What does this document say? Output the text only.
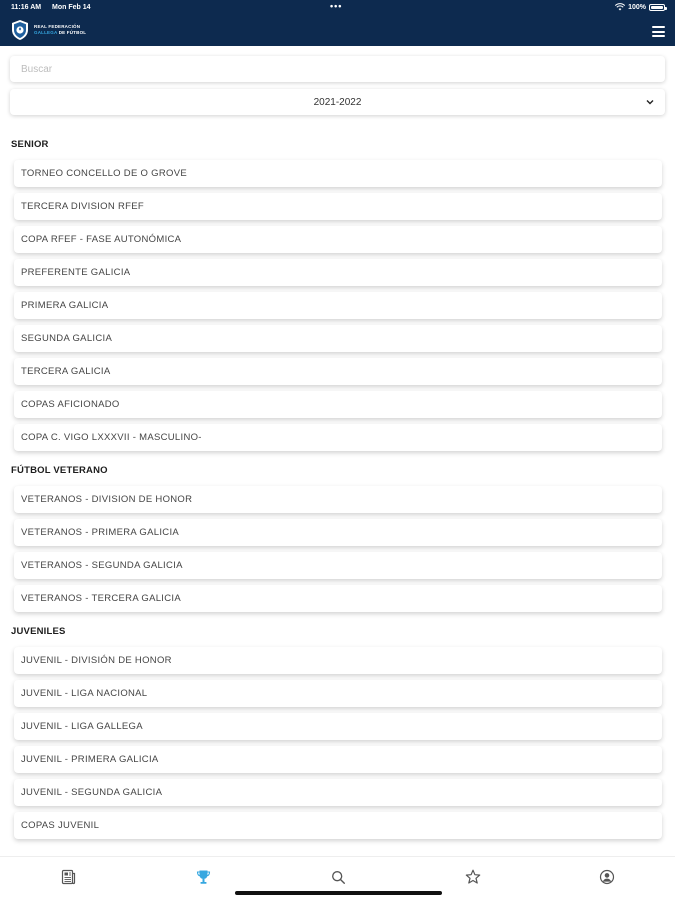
11:16 AM Mon Feb 14	•••	100%
REAL FEDERACIÓN
GALLEGA DE FÚTBOL
Buscar
2021-2022
SENIOR
TORNEO CONCELLO DE O GROVE
TERCERA DIVISION RFEF
COPA RFEF - FASE AUTONÓMICA
PREFERENTE GALICIA
PRIMERA GALICIA
SEGUNDA GALICIA
TERCERA GALICIA
COPAS AFICIONADO
COPA C. VIGO LXXXVII - MASCULINO-
FÚTBOL VETERANO
VETERANOS - DIVISION DE HONOR
VETERANOS - PRIMERA GALICIA
VETERANOS - SEGUNDA GALICIA
VETERANOS - TERCERA GALICIA
JUVENILES
JUVENIL - DIVISIÓN DE HONOR
JUVENIL - LIGA NACIONAL
JUVENIL - LIGA GALLEGA
JUVENIL - PRIMERA GALICIA
JUVENIL - SEGUNDA GALICIA
COPAS JUVENIL
